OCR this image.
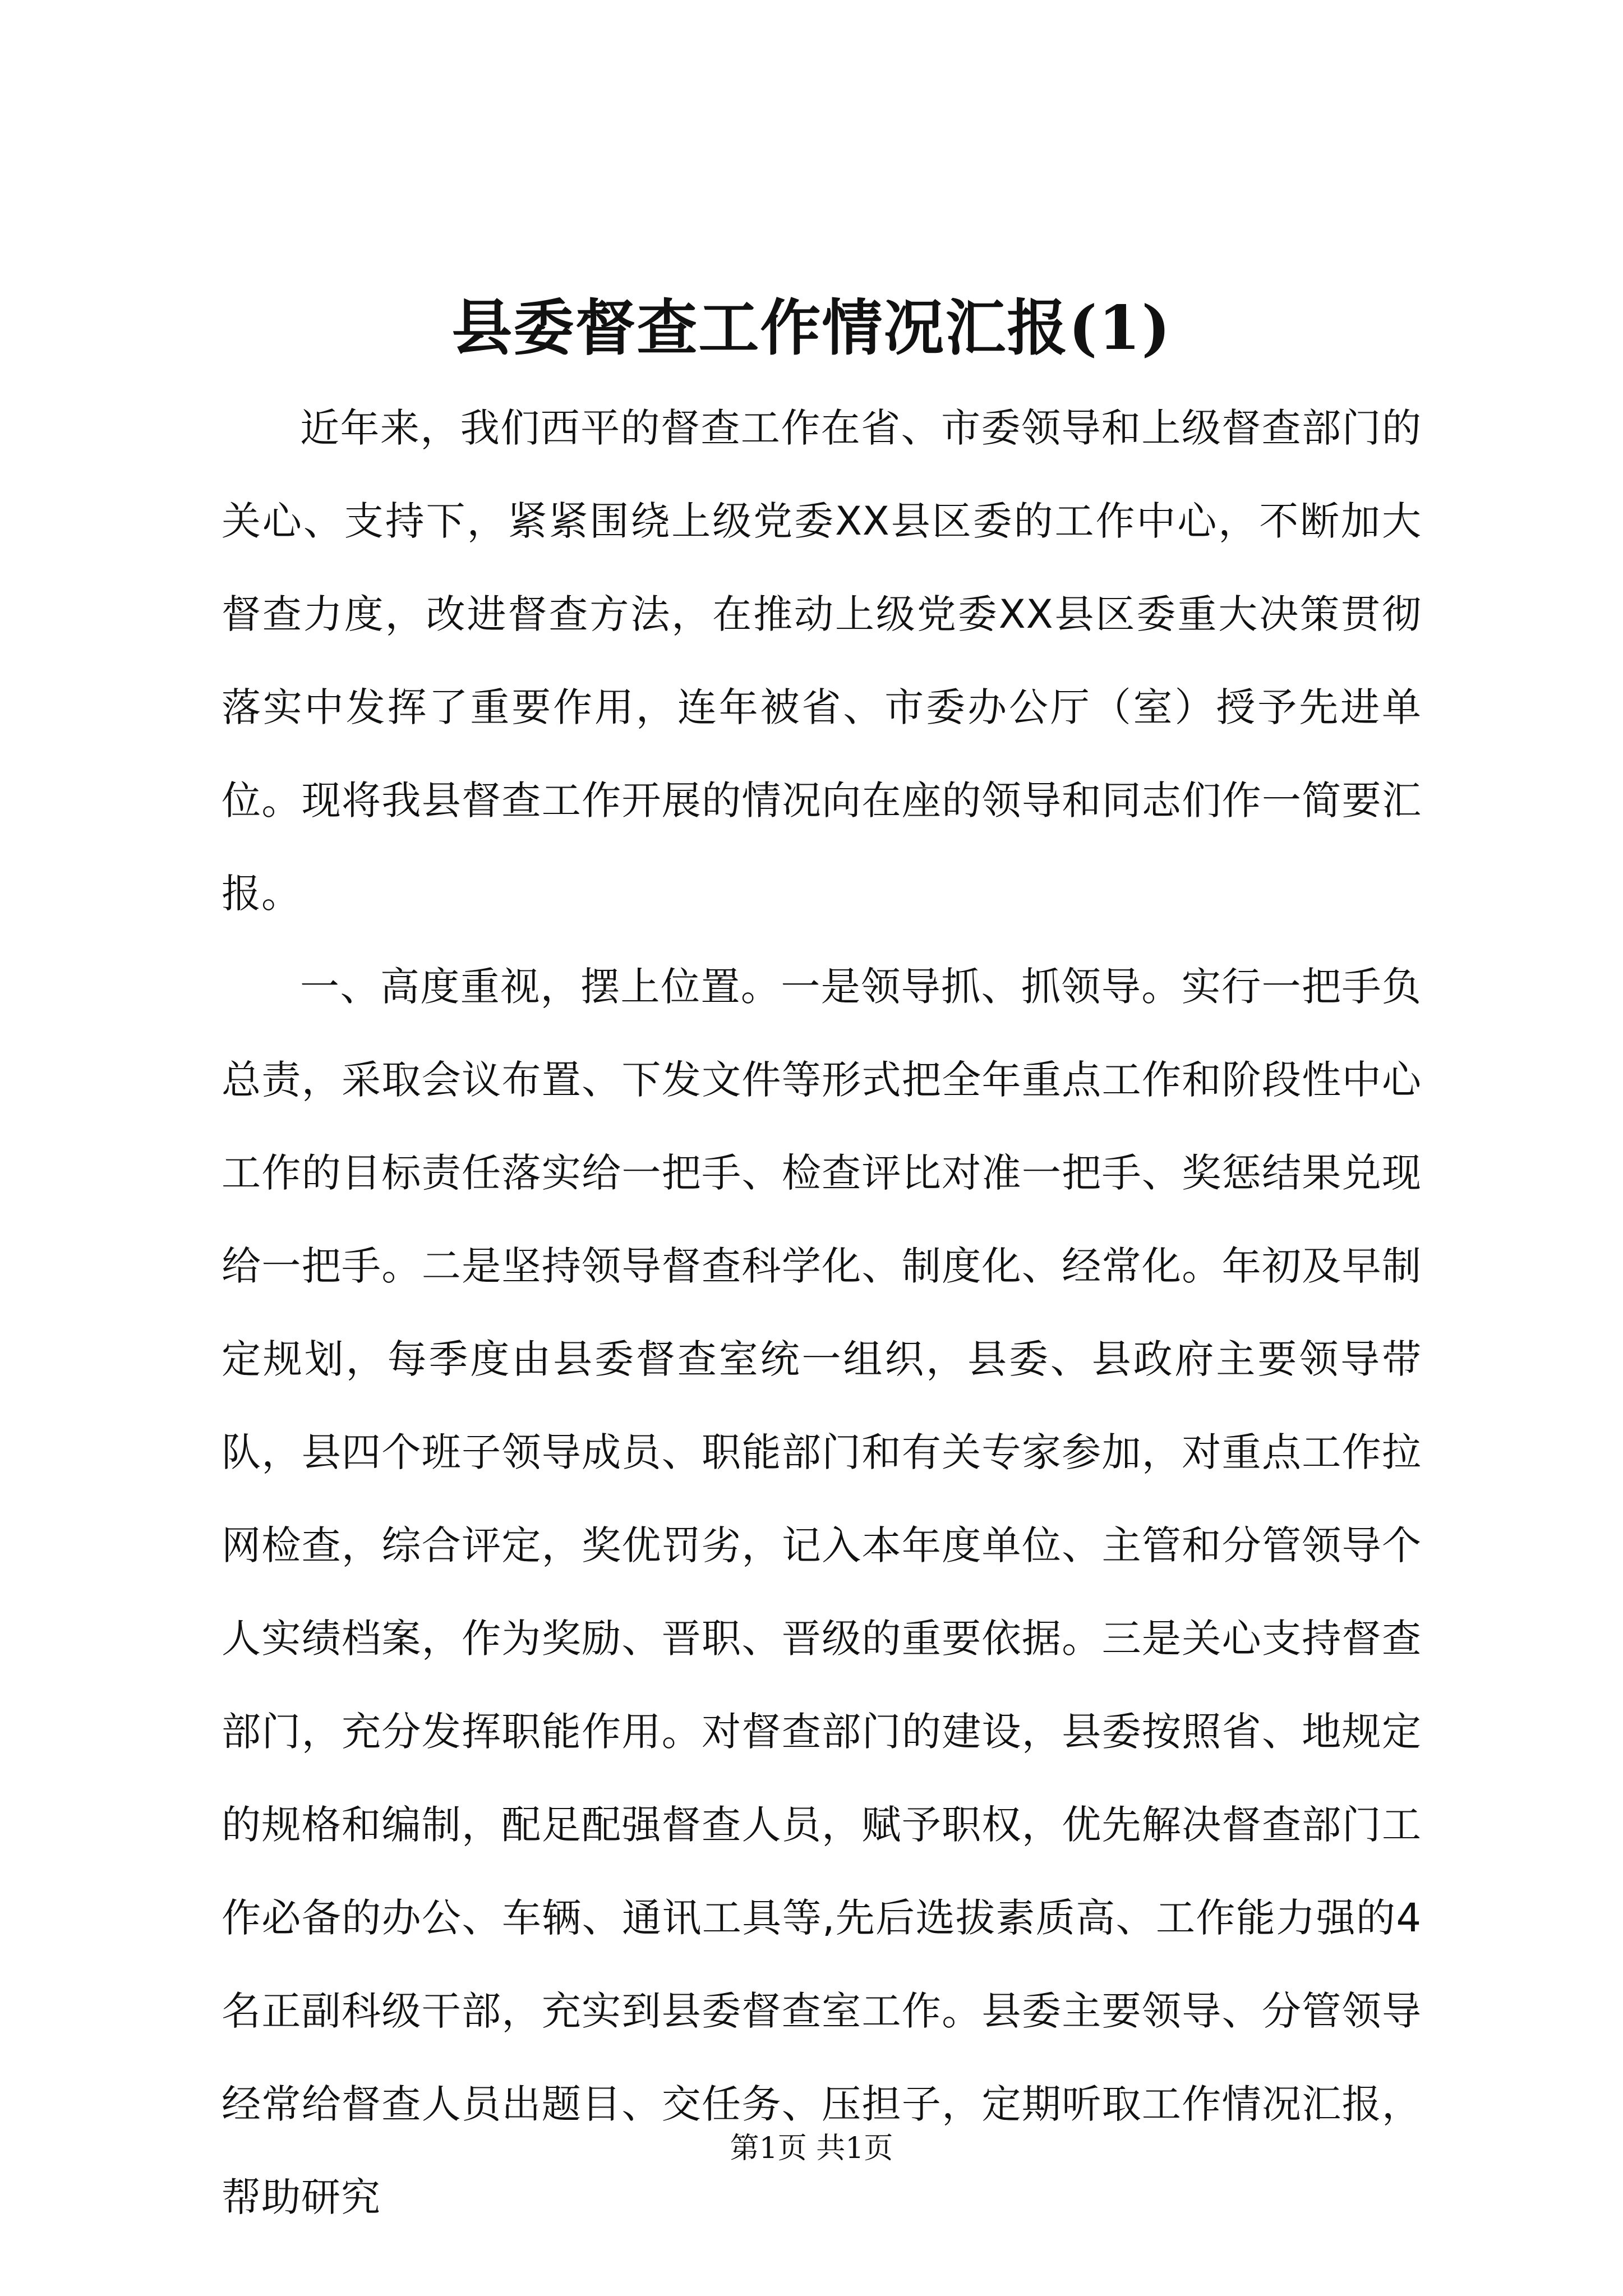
县委督查工作情况汇报(1)

近年来，我们西平的督查工作在省、市委领导和上级督查部门的关心、支持下，紧紧围绕上级党委XX县区委的工作中心，不断加大督查力度，改进督查方法，在推动上级党委XX县区委重大决策贯彻落实中发挥了重要作用，连年被省、市委办公厅（室）授予先进单位。现将我县督查工作开展的情况向在座的领导和同志们作一简要汇报。

一、高度重视，摆上位置。一是领导抓、抓领导。实行一把手负总责，采取会议布置、下发文件等形式把全年重点工作和阶段性中心工作的目标责任落实给一把手、检查评比对准一把手、奖惩结果兑现给一把手。二是坚持领导督查科学化、制度化、经常化。年初及早制定规划，每季度由县委督查室统一组织，县委、县政府主要领导带队，县四个班子领导成员、职能部门和有关专家参加，对重点工作拉网检查，综合评定，奖优罚劣，记入本年度单位、主管和分管领导个人实绩档案，作为奖励、晋职、晋级的重要依据。三是关心支持督查部门，充分发挥职能作用。对督查部门的建设，县委按照省、地规定的规格和编制，配足配强督查人员，赋予职权，优先解决督查部门工作必备的办公、车辆、通讯工具等,先后选拔素质高、工作能力强的4名正副科级干部，充实到县委督查室工作。县委主要领导、分管领导经常给督查人员出题目、交任务、压担子，定期听取工作情况汇报，帮助研究

第1页 共1页
